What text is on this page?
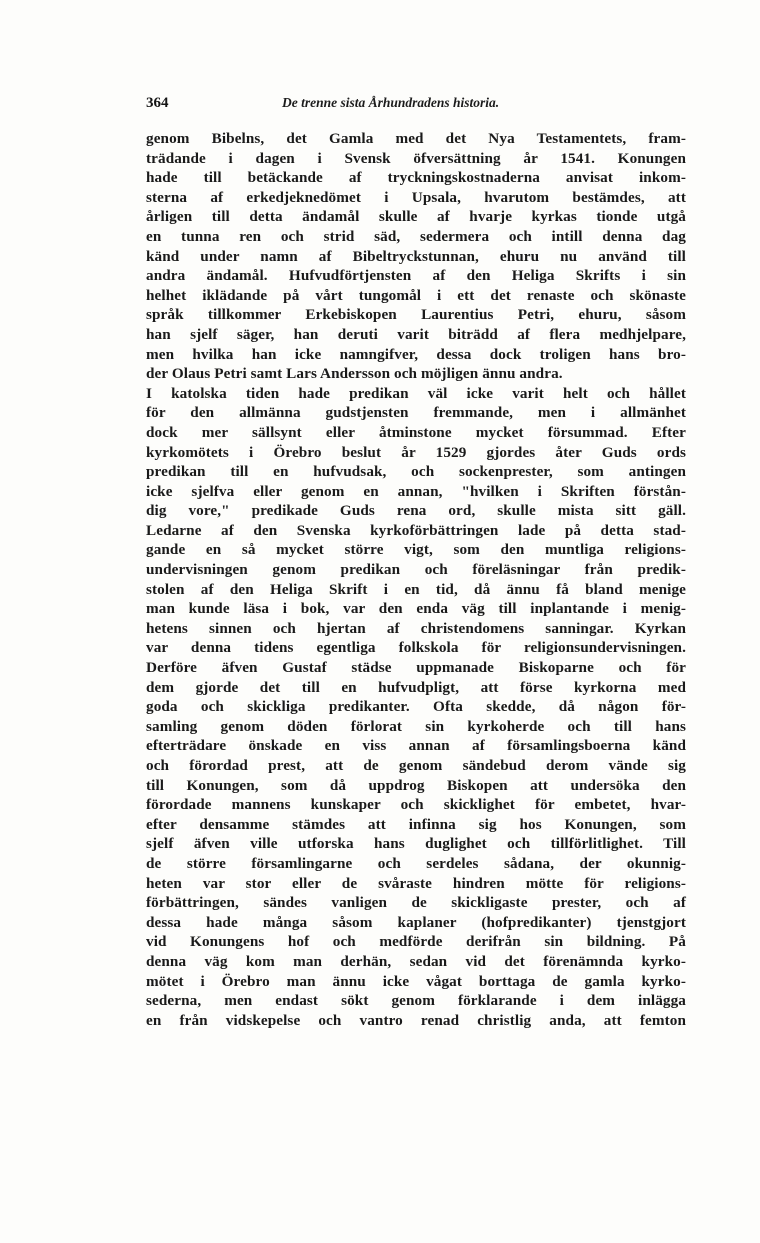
364	De trenne sista Århundradens historia.
genom Bibelns, det Gamla med det Nya Testamentets, fram-
trädande i dagen i Svensk öfversättning år 1541. Konungen
hade till betäckande af tryckningskostnaderna anvisat inkom-
sterna af erkedjeknedömet i Upsala, hvarutom bestämdes, att
årligen till detta ändamål skulle af hvarje kyrkas tionde utgå
en tunna ren och strid säd, sedermera och intill denna dag
känd under namn af Bibeltryckstunnan, ehuru nu använd till
andra ändamål. Hufvudförtjensten af den Heliga Skrifts i sin
helhet iklädande på vårt tungomål i ett det renaste och skönaste
språk tillkommer Erkebiskopen Laurentius Petri, ehuru, såsom
han sjelf säger, han deruti varit biträdd af flera medhjelpare,
men hvilka han icke namngifver, dessa dock troligen hans bro-
der Olaus Petri samt Lars Andersson och möjligen ännu andra.
I katolska tiden hade predikan väl icke varit helt och hållet
för den allmänna gudstjensten fremmande, men i allmänhet
dock mer sällsynt eller åtminstone mycket försummad. Efter
kyrkomötets i Örebro beslut år 1529 gjordes åter Guds ords
predikan till en hufvudsak, och sockenprester, som antingen
icke sjelfva eller genom en annan, "hvilken i Skriften förstån-
dig vore," predikade Guds rena ord, skulle mista sitt gäll.
Ledarne af den Svenska kyrkoförbättringen lade på detta stad-
gande en så mycket större vigt, som den muntliga religions-
undervisningen genom predikan och föreläsningar från predik-
stolen af den Heliga Skrift i en tid, då ännu få bland menige
man kunde läsa i bok, var den enda väg till inplantande i menig-
hetens sinnen och hjertan af christendomens sanningar. Kyrkan
var denna tidens egentliga folkskola för religionsundervisningen.
Derföre äfven Gustaf städse uppmanade Biskoparne och för
dem gjorde det till en hufvudpligt, att förse kyrkorna med
goda och skickliga predikanter. Ofta skedde, då någon för-
samling genom döden förlorat sin kyrkoherde och till hans
efterträdare önskade en viss annan af församlingsboerna känd
och förordad prest, att de genom sändebud derom vände sig
till Konungen, som då uppdrog Biskopen att undersöka den
förordade mannens kunskaper och skicklighet för embetet, hvar-
efter densamme stämdes att infinna sig hos Konungen, som
sjelf äfven ville utforska hans duglighet och tillförlitlighet. Till
de större församlingarne och serdeles sådana, der okunnig-
heten var stor eller de svåraste hindren mötte för religions-
förbättringen, sändes vanligen de skickligaste prester, och af
dessa hade många såsom kaplaner (hofpredikanter) tjenstgjort
vid Konungens hof och medförde derifrån sin bildning. På
denna väg kom man derhän, sedan vid det förenämnda kyrko-
mötet i Örebro man ännu icke vågat borttaga de gamla kyrko-
sederna, men endast sökt genom förklarande i dem inlägga
en från vidskepelse och vantro renad christlig anda, att femton
